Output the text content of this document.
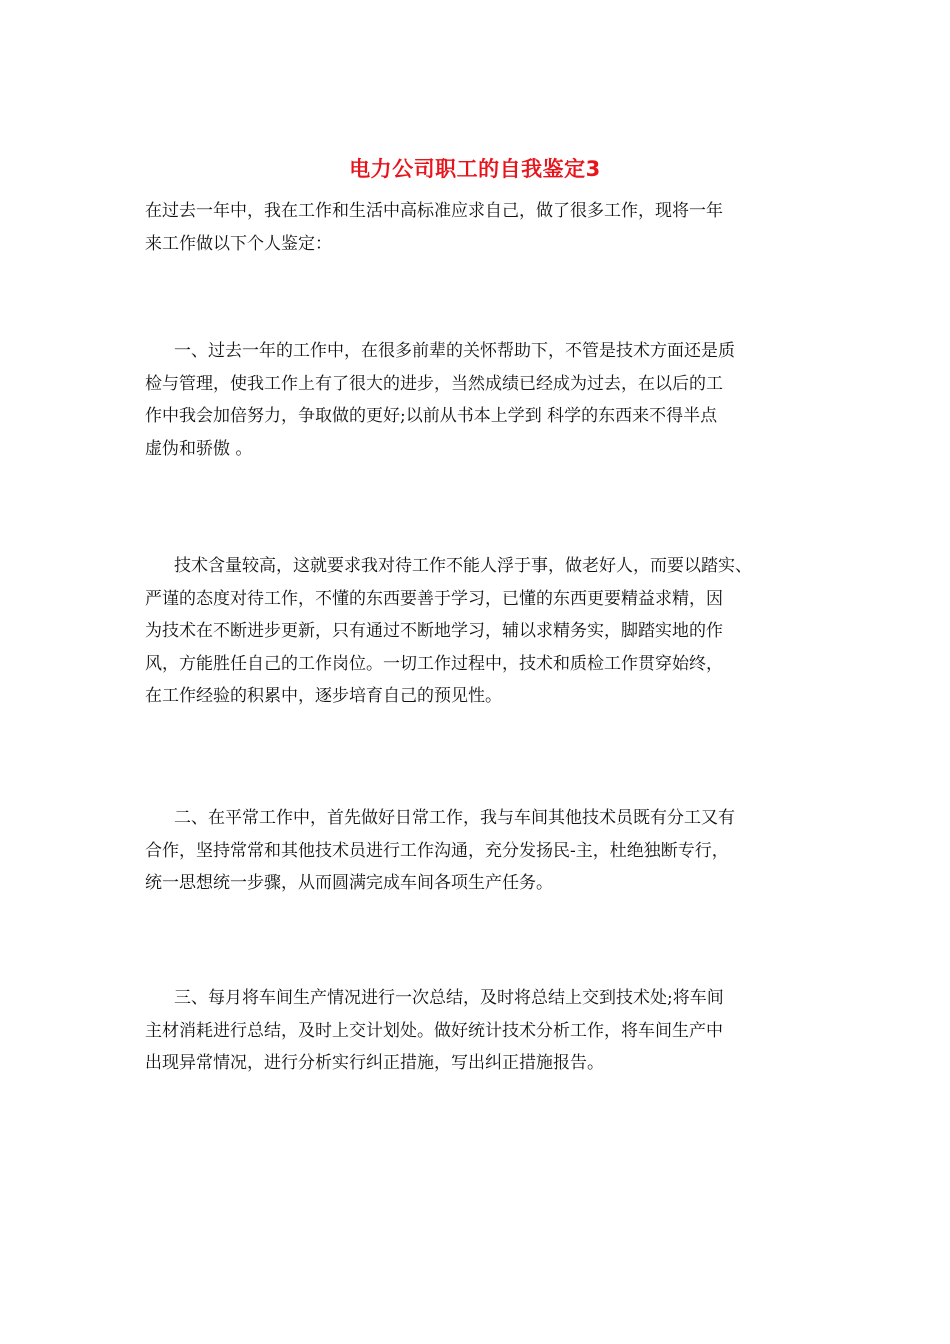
电力公司职工的自我鉴定3
在过去一年中，我在工作和生活中高标准应求自己，做了很多工作，现将一年
来工作做以下个人鉴定：
一、过去一年的工作中，在很多前辈的关怀帮助下，不管是技术方面还是质
检与管理，使我工作上有了很大的进步，当然成绩已经成为过去，在以后的工
作中我会加倍努力，争取做的更好;以前从书本上学到 科学的东西来不得半点
虚伪和骄傲 。
技术含量较高，这就要求我对待工作不能人浮于事，做老好人，而要以踏实、
严谨的态度对待工作，不懂的东西要善于学习，已懂的东西更要精益求精，因
为技术在不断进步更新，只有通过不断地学习，辅以求精务实，脚踏实地的作
风，方能胜任自己的工作岗位。一切工作过程中，技术和质检工作贯穿始终，
在工作经验的积累中，逐步培育自己的预见性。
二、在平常工作中，首先做好日常工作，我与车间其他技术员既有分工又有
合作，坚持常常和其他技术员进行工作沟通，充分发扬民-主，杜绝独断专行，
统一思想统一步骤，从而圆满完成车间各项生产任务。
三、每月将车间生产情况进行一次总结，及时将总结上交到技术处;将车间
主材消耗进行总结，及时上交计划处。做好统计技术分析工作，将车间生产中
出现异常情况，进行分析实行纠正措施，写出纠正措施报告。
